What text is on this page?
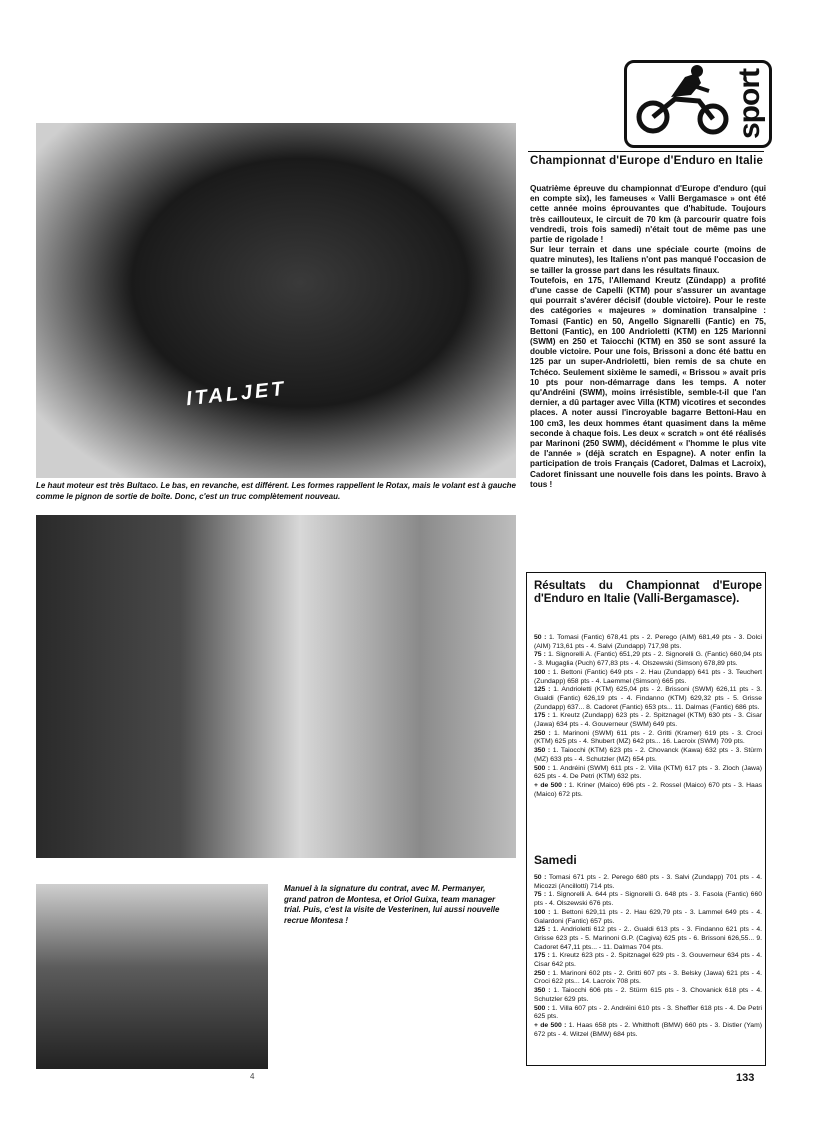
ITALJET
Le haut moteur est très Bultaco. Le bas, en revanche, est différent. Les formes rappellent le Rotax, mais le volant est à gauche comme le pignon de sortie de boîte. Donc, c'est un truc complètement nouveau.
Manuel à la signature du contrat, avec M. Permanyer, grand patron de Montesa, et Oriol Guixa, team manager trial. Puis, c'est la visite de Vesterinen, lui aussi nouvelle recrue Montesa !
sport
Championnat d'Europe d'Enduro en Italie

Quatrième épreuve du championnat d'Europe d'enduro (qui en compte six), les fameuses « Valli Bergamasce » ont été cette année moins éprouvantes que d'habitude. Toujours très caillouteux, le circuit de 70 km (à parcourir quatre fois vendredi, trois fois samedi) n'était tout de même pas une partie de rigolade !

Sur leur terrain et dans une spéciale courte (moins de quatre minutes), les Italiens n'ont pas manqué l'occasion de se tailler la grosse part dans les résultats finaux.

Toutefois, en 175, l'Allemand Kreutz (Zündapp) a profité d'une casse de Capelli (KTM) pour s'assurer un avantage qui pourrait s'avérer décisif (double victoire). Pour le reste des catégories « majeures » domination transalpine : Tomasi (Fantic) en 50, Angello Signarelli (Fantic) en 75, Bettoni (Fantic), en 100 Andrioletti (KTM) en 125 Marionni (SWM) en 250 et Taiocchi (KTM) en 350 se sont assuré la double victoire. Pour une fois, Brissoni a donc été battu en 125 par un super-Andrioletti, bien remis de sa chute en Tchéco. Seulement sixième le samedi, « Brissou » avait pris 10 pts pour non-démarrage dans les temps. A noter qu'Andréini (SWM), moins irrésistible, semble-t-il que l'an dernier, a dû partager avec Villa (KTM) vicotires et secondes places. A noter aussi l'incroyable bagarre Bettoni-Hau en 100 cm3, les deux hommes étant quasiment dans la même seconde à chaque fois. Les deux « scratch » ont été réalisés par Marinoni (250 SWM), décidément « l'homme le plus vite de l'année » (déjà scratch en Espagne). A noter enfin la participation de trois Français (Cadoret, Dalmas et Lacroix), Cadoret finissant une nouvelle fois dans les points. Bravo à tous !

Résultats du Championnat d'Europe d'Enduro en Italie (Valli-Bergamasce).

50 : 1. Tomasi (Fantic) 678,41 pts - 2. Perego (AIM) 681,49 pts - 3. Dolci (AIM) 713,61 pts - 4. Salvi (Zundapp) 717,98 pts.

75 : 1. Signorelli A. (Fantic) 651,29 pts - 2. Signorelli G. (Fantic) 660,94 pts - 3. Mugaglia (Puch) 677,83 pts - 4. Olszewski (Simson) 678,89 pts.

100 : 1. Bettoni (Fantic) 649 pts - 2. Hau (Zundapp) 641 pts - 3. Teuchert (Zundapp) 658 pts - 4. Laemmel (Simson) 665 pts.

125 : 1. Andrioletti (KTM) 625,04 pts - 2. Brissoni (SWM) 626,11 pts - 3. Gualdi (Fantic) 626,19 pts - 4. Findanno (KTM) 629,32 pts - 5. Grisse (Zundapp) 637... 8. Cadoret (Fantic) 653 pts... 11. Dalmas (Fantic) 686 pts.

175 : 1. Kreutz (Zundapp) 623 pts - 2. Spitznagel (KTM) 630 pts - 3. Cisar (Jawa) 634 pts - 4. Gouverneur (SWM) 649 pts.

250 : 1. Marinoni (SWM) 611 pts - 2. Gritti (Kramer) 619 pts - 3. Croci (KTM) 625 pts - 4. Shubert (MZ) 642 pts... 16. Lacroix (SWM) 709 pts.

350 : 1. Taiocchi (KTM) 623 pts - 2. Chovanck (Kawa) 632 pts - 3. Stürm (MZ) 633 pts - 4. Schutzler (MZ) 654 pts.

500 : 1. Andréini (SWM) 611 pts - 2. Villa (KTM) 617 pts - 3. Zloch (Jawa) 625 pts - 4. De Petri (KTM) 632 pts.

+ de 500 : 1. Kriner (Maico) 696 pts - 2. Rossel (Maico) 670 pts - 3. Haas (Maico) 672 pts.

Samedi

50 : Tomasi 671 pts - 2. Perego 680 pts - 3. Salvi (Zundapp) 701 pts - 4. Micozzi (Ancillotti) 714 pts.

75 : 1. Signorelli A. 644 pts - Signorelli G. 648 pts - 3. Fasola (Fantic) 660 pts - 4. Olszewski 676 pts.

100 : 1. Bettoni 629,11 pts - 2. Hau 629,79 pts - 3. Lammel 649 pts - 4. Galardoni (Fantic) 657 pts.

125 : 1. Andrioletti 612 pts - 2.. Gualdi 613 pts - 3. Findanno 621 pts - 4. Grisse 623 pts - 5. Marinoni G.P. (Cagiva) 625 pts - 6. Brissoni 626,55... 9. Cadoret 647,11 pts... - 11. Dalmas 704 pts.

175 : 1. Kreutz 623 pts - 2. Spitznagel 629 pts - 3. Gouverneur 634 pts - 4. Cisar 642 pts.

250 : 1. Marinoni 602 pts - 2. Gritti 607 pts - 3. Belsky (Jawa) 621 pts - 4. Croci 622 pts... 14. Lacroix 708 pts.

350 : 1. Taiocchi 606 pts - 2. Stürm 615 pts - 3. Chovanick 618 pts - 4. Schutzler 629 pts.

500 : 1. Villa 607 pts - 2. Andréini 610 pts - 3. Sheffler 618 pts - 4. De Petri 625 pts.

+ de 500 : 1. Haas 658 pts - 2. Whitthoft (BMW) 660 pts - 3. Distler (Yam) 672 pts - 4. Witzel (BMW) 684 pts.

4	133
